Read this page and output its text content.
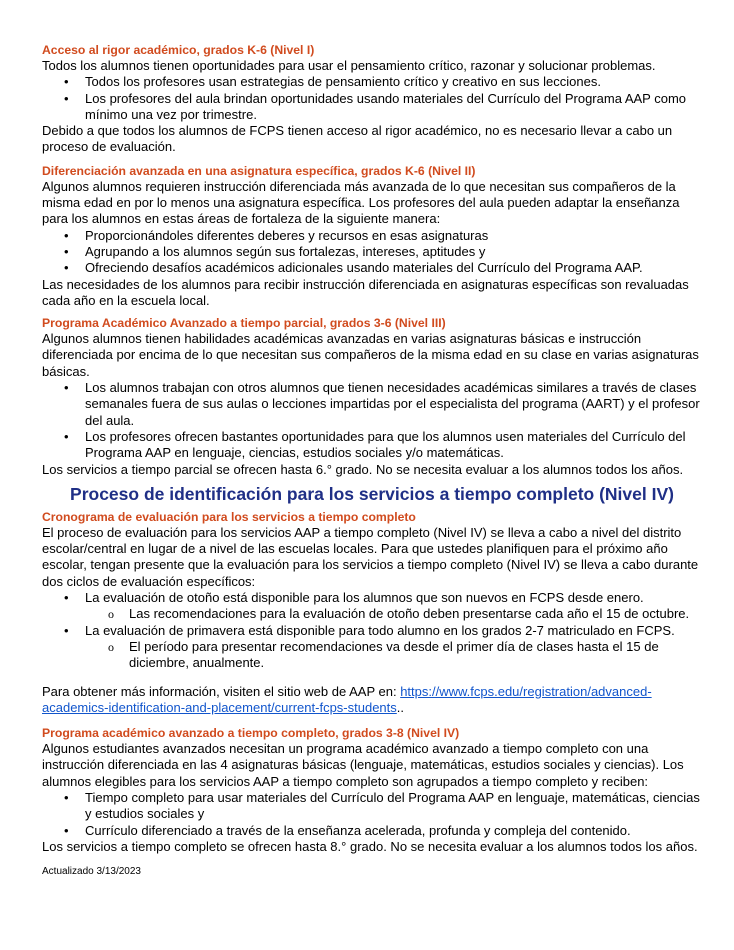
Acceso al rigor académico, grados K-6 (Nivel I)

Todos los alumnos tienen oportunidades para usar el pensamiento crítico, razonar y solucionar problemas.

• Todos los profesores usan estrategias de pensamiento crítico y creativo en sus lecciones.
• Los profesores del aula brindan oportunidades usando materiales del Currículo del Programa AAP como mínimo una vez por trimestre.

Debido a que todos los alumnos de FCPS tienen acceso al rigor académico, no es necesario llevar a cabo un proceso de evaluación.

Diferenciación avanzada en una asignatura específica, grados K-6 (Nivel II)

Algunos alumnos requieren instrucción diferenciada más avanzada de lo que necesitan sus compañeros de la misma edad en por lo menos una asignatura específica. Los profesores del aula pueden adaptar la enseñanza para los alumnos en estas áreas de fortaleza de la siguiente manera:

• Proporcionándoles diferentes deberes y recursos en esas asignaturas
• Agrupando a los alumnos según sus fortalezas, intereses, aptitudes y
• Ofreciendo desafíos académicos adicionales usando materiales del Currículo del Programa AAP.

Las necesidades de los alumnos para recibir instrucción diferenciada en asignaturas específicas son revaluadas cada año en la escuela local.

Programa Académico Avanzado a tiempo parcial, grados 3-6 (Nivel III)

Algunos alumnos tienen habilidades académicas avanzadas en varias asignaturas básicas e instrucción diferenciada por encima de lo que necesitan sus compañeros de la misma edad en su clase en varias asignaturas básicas.

• Los alumnos trabajan con otros alumnos que tienen necesidades académicas similares a través de clases semanales fuera de sus aulas o lecciones impartidas por el especialista del programa (AART) y el profesor del aula.
• Los profesores ofrecen bastantes oportunidades para que los alumnos usen materiales del Currículo del Programa AAP en lenguaje, ciencias, estudios sociales y/o matemáticas.

Los servicios a tiempo parcial se ofrecen hasta 6.° grado. No se necesita evaluar a los alumnos todos los años.

Proceso de identificación para los servicios a tiempo completo (Nivel IV)
Cronograma de evaluación para los servicios a tiempo completo

El proceso de evaluación para los servicios AAP a tiempo completo (Nivel IV) se lleva a cabo a nivel del distrito escolar/central en lugar de a nivel de las escuelas locales. Para que ustedes planifiquen para el próximo año escolar, tengan presente que la evaluación para los servicios a tiempo completo (Nivel IV) se lleva a cabo durante dos ciclos de evaluación específicos:

• La evaluación de otoño está disponible para los alumnos que son nuevos en FCPS desde enero.
o Las recomendaciones para la evaluación de otoño deben presentarse cada año el 15 de octubre.
• La evaluación de primavera está disponible para todo alumno en los grados 2-7 matriculado en FCPS.
o El período para presentar recomendaciones va desde el primer día de clases hasta el 15 de diciembre, anualmente.

Para obtener más información, visiten el sitio web de AAP en: https://www.fcps.edu/registration/advanced-academics-identification-and-placement/current-fcps-students..

Programa académico avanzado a tiempo completo, grados 3-8 (Nivel IV)

Algunos estudiantes avanzados necesitan un programa académico avanzado a tiempo completo con una instrucción diferenciada en las 4 asignaturas básicas (lenguaje, matemáticas, estudios sociales y ciencias). Los alumnos elegibles para los servicios AAP a tiempo completo son agrupados a tiempo completo y reciben:

• Tiempo completo para usar materiales del Currículo del Programa AAP en lenguaje, matemáticas, ciencias y estudios sociales y
• Currículo diferenciado a través de la enseñanza acelerada, profunda y compleja del contenido.

Los servicios a tiempo completo se ofrecen hasta 8.° grado. No se necesita evaluar a los alumnos todos los años.

Actualizado 3/13/2023
